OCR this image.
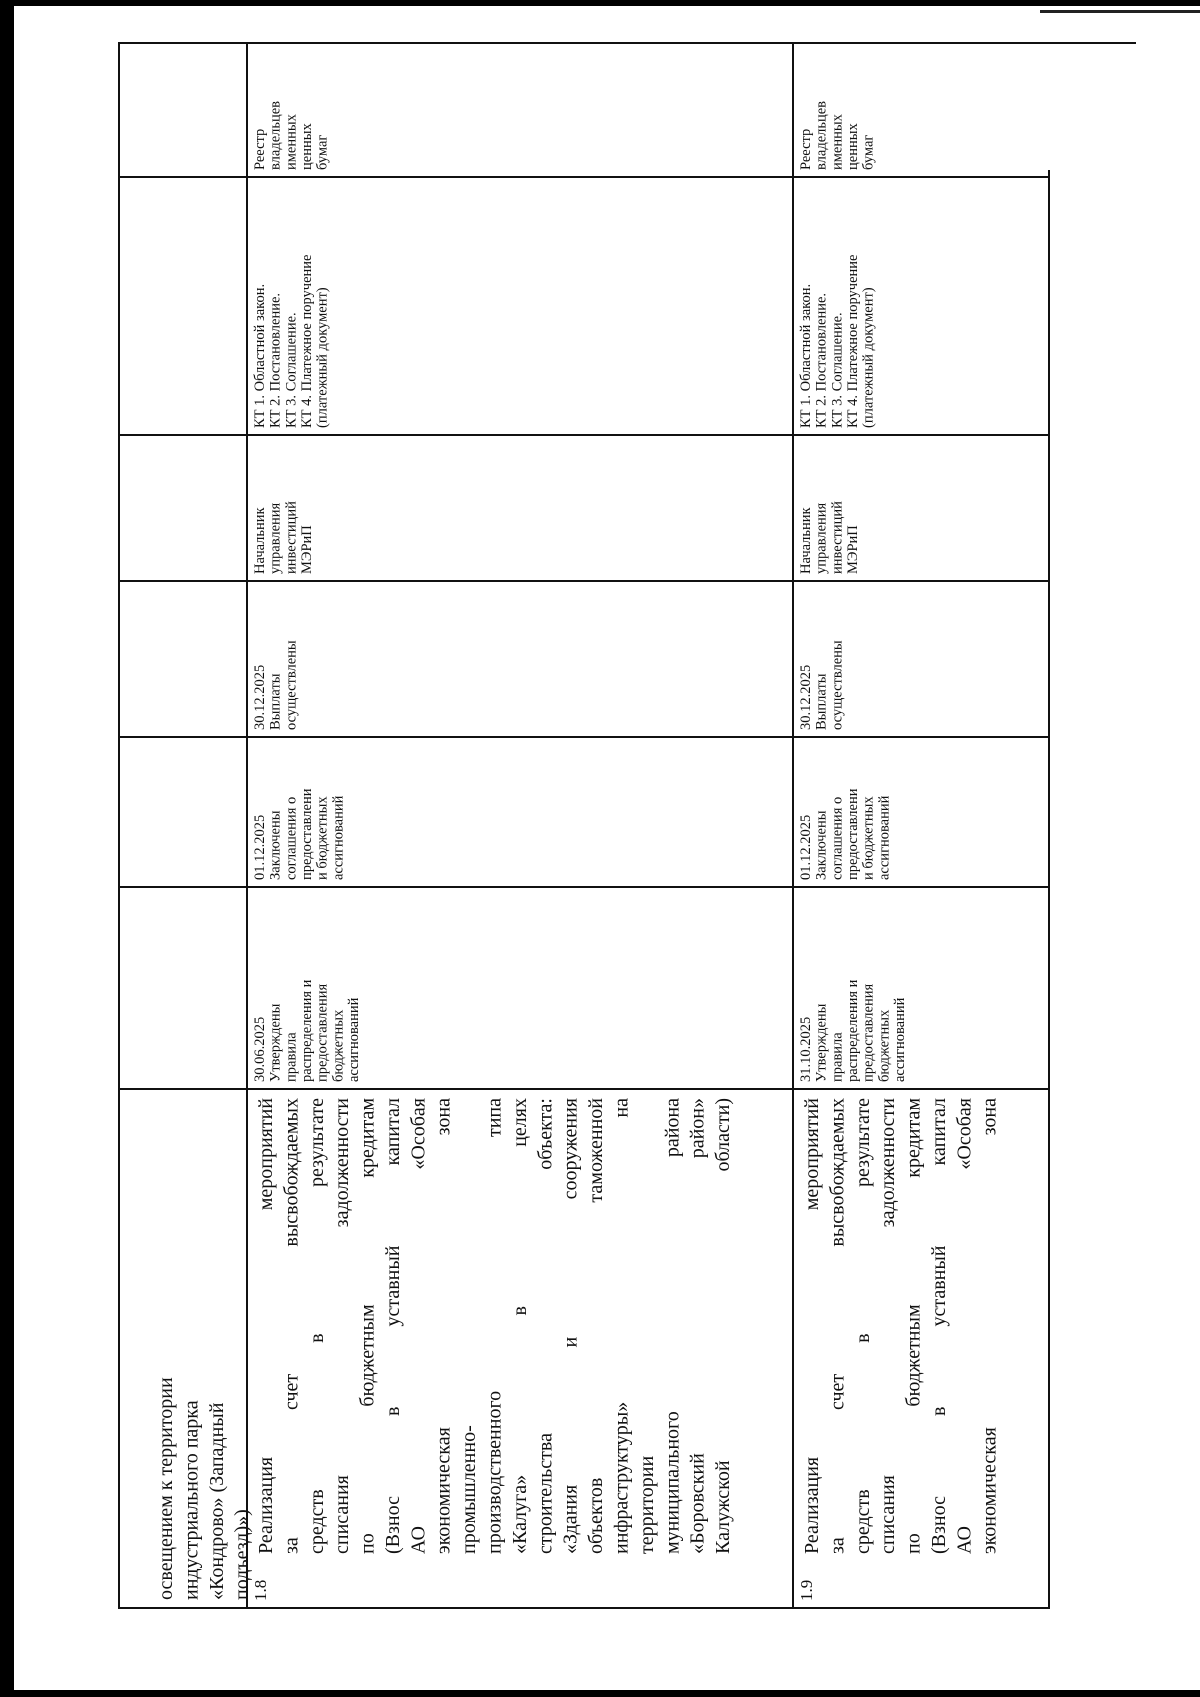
освещением к территории индустриального парка «Кондрово» (Западный подъезд)»)
1.8
Реализация мероприятий за счет высвобождаемых средств в результате списания задолженности по бюджетным кредитам (Взнос в уставный капитал АО «Особая экономическая зона промышленно- производственного типа «Калуга» в целях строительства объекта: «Здания и сооружения объектов таможенной инфраструктуры» на территории муниципального района «Боровский район» Калужской области)
30.06.2025 Утверждены правила распределения и предоставления бюджетных ассигнований
01.12.2025 Заключены соглашения о предоставлени и бюджетных ассигнований
30.12.2025 Выплаты осуществлены
Начальник управления инвестиций МЭРиП
КТ 1. Областной закон. КТ 2. Постановление. КТ 3. Соглашение. КТ 4. Платежное поручение (платежный документ)
1.9
Реализация мероприятий за счет высвобождаемых средств в результате списания задолженности по бюджетным кредитам (Взнос в уставный капитал АО «Особая экономическая зона
31.10.2025 Утверждены правила распределения и предоставления бюджетных ассигнований
01.12.2025 Заключены соглашения о предоставлени и бюджетных ассигнований
30.12.2025 Выплаты осуществлены
Начальник управления инвестиций МЭРиП
КТ 1. Областной закон. КТ 2. Постановление. КТ 3. Соглашение. КТ 4. Платежное поручение (платежный документ)
Реестр владельцев именных ценных бумаг	Реестр владельцев именных ценных бумаг
